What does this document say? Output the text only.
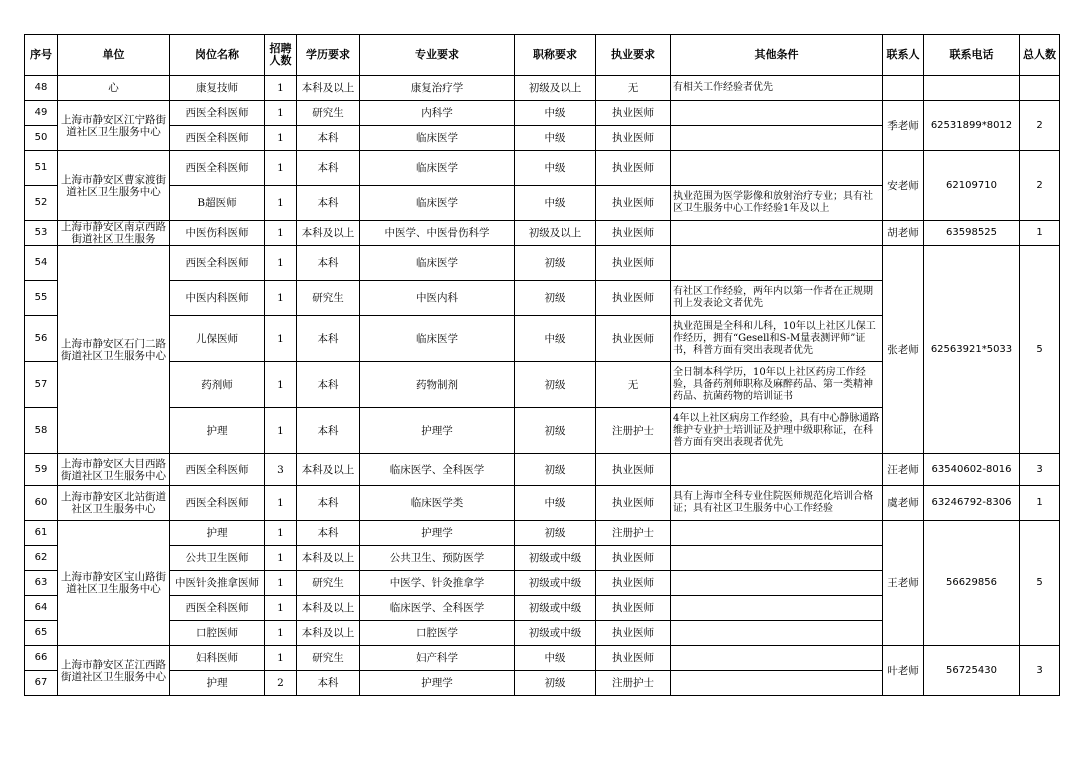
序号	单位	岗位名称	招聘人数	学历要求	专业要求	职称要求	执业要求	其他条件	联系人	联系电话	总人数
48	心	康复技师	1	本科及以上	康复治疗学	初级及以上	无	有相关工作经验者优先			
49	上海市静安区江宁路街道社区卫生服务中心	西医全科医师	1	研究生	内科学	中级	执业医师		季老师	62531899*8012	2
50		西医全科医师	1	本科	临床医学	中级	执业医师				
51	上海市静安区曹家渡街道社区卫生服务中心	西医全科医师	1	本科	临床医学	中级	执业医师		安老师	62109710	2
52		B超医师	1	本科	临床医学	中级	执业医师	执业范围为医学影像和放射治疗专业；具有社区卫生服务中心工作经验1年及以上			
53	上海市静安区南京西路街道社区卫生服务	中医伤科医师	1	本科及以上	中医学、中医骨伤科学	初级及以上	执业医师		胡老师	63598525	1
54	上海市静安区石门二路街道社区卫生服务中心	西医全科医师	1	本科	临床医学	初级	执业医师		张老师	62563921*5033	5
55		中医内科医师	1	研究生	中医内科	初级	执业医师	有社区工作经验，两年内以第一作者在正规期刊上发表论文者优先			
56		儿保医师	1	本科	临床医学	中级	执业医师	执业范围是全科和儿科，10年以上社区儿保工作经历，拥有“Gesell和S-M量表测评师”证书，科普方面有突出表现者优先			
57		药剂师	1	本科	药物制剂	初级	无	全日制本科学历，10年以上社区药房工作经验，具备药剂师职称及麻醉药品、第一类精神药品、抗菌药物的培训证书			
58		护理	1	本科	护理学	初级	注册护士	4年以上社区病房工作经验，具有中心静脉通路维护专业护士培训证及护理中级职称证，在科普方面有突出表现者优先			
59	上海市静安区大目西路街道社区卫生服务中心	西医全科医师	3	本科及以上	临床医学、全科医学	初级	执业医师		汪老师	63540602-8016	3
60	上海市静安区北站街道社区卫生服务中心	西医全科医师	1	本科	临床医学类	中级	执业医师	具有上海市全科专业住院医师规范化培训合格证；具有社区卫生服务中心工作经验	虞老师	63246792-8306	1
61	上海市静安区宝山路街道社区卫生服务中心	护理	1	本科	护理学	初级	注册护士		王老师	56629856	5
62		公共卫生医师	1	本科及以上	公共卫生、预防医学	初级或中级	执业医师				
63		中医针灸推拿医师	1	研究生	中医学、针灸推拿学	初级或中级	执业医师				
64		西医全科医师	1	本科及以上	临床医学、全科医学	初级或中级	执业医师				
65		口腔医师	1	本科及以上	口腔医学	初级或中级	执业医师				
66	上海市静安区芷江西路街道社区卫生服务中心	妇科医师	1	研究生	妇产科学	中级	执业医师		叶老师	56725430	3
67		护理	2	本科	护理学	初级	注册护士				
